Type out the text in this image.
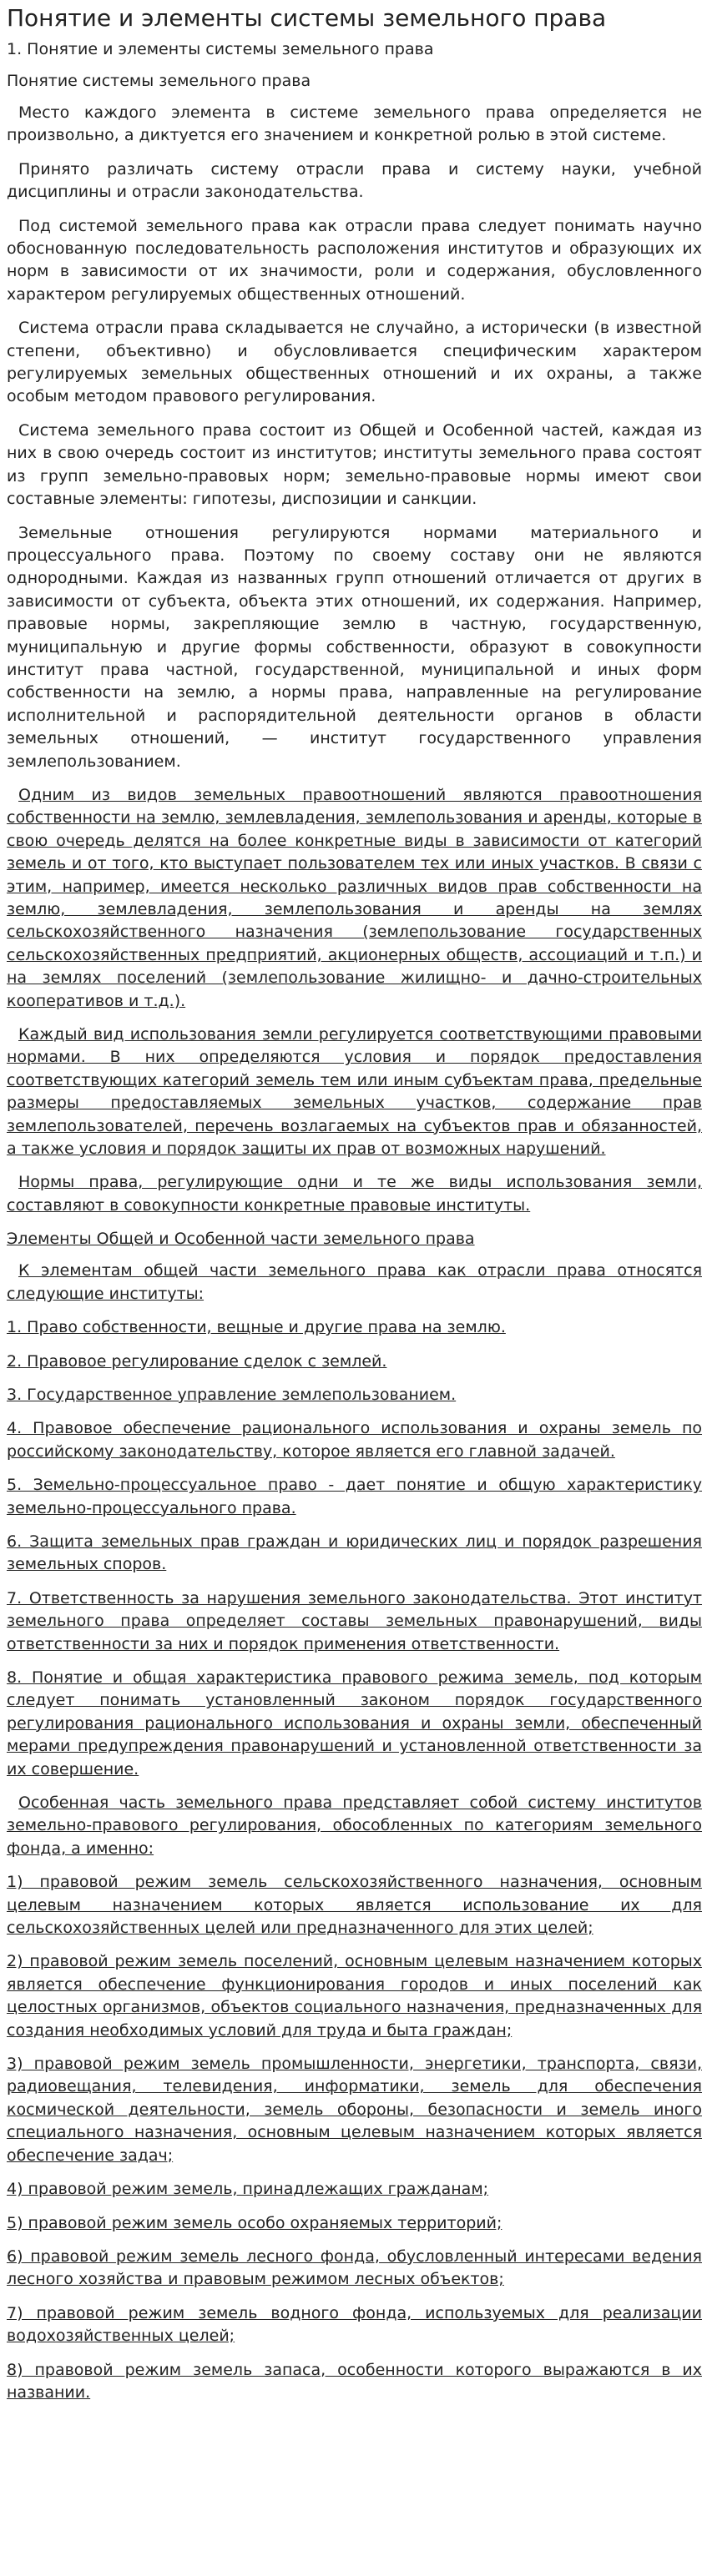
Понятие и элементы системы земельного права
1. Понятие и элементы системы земельного права
Понятие системы земельного права

Место каждого элемента в системе земельного права определяется не произвольно, а диктуется его значением и конкретной ролью в этой системе.

Принято различать систему отрасли права и систему науки, учебной дисциплины и отрасли законодательства.

Под системой земельного права как отрасли права следует понимать научно обоснованную последовательность расположения институтов и образующих их норм в зависимости от их значимости, роли и содержания, обусловленного характером регулируемых общественных отношений.

Система отрасли права складывается не случайно, а исторически (в известной степени, объективно) и обусловливается специфическим характером регулируемых земельных общественных отношений и их охраны, а также особым методом правового регулирования.

Система земельного права состоит из Общей и Особенной частей, каждая из них в свою очередь состоит из институтов; институты земельного права состоят из групп земельно-правовых норм; земельно-правовые нормы имеют свои составные элементы: гипотезы, диспозиции и санкции.

Земельные отношения регулируются нормами материального и процессуального права. Поэтому по своему составу они не являются однородными. Каждая из названных групп отношений отличается от других в зависимости от субъекта, объекта этих отношений, их содержания. Например, правовые нормы, закрепляющие землю в частную, государственную, муниципальную и другие формы собственности, образуют в совокупности институт права частной, государственной, муниципальной и иных форм собственности на землю, а нормы права, направленные на регулирование исполнительной и распорядительной деятельности органов в области земельных отношений, — институт государственного управления землепользованием.

Одним из видов земельных правоотношений являются правоотношения собственности на землю, землевладения, землепользования и аренды, которые в свою очередь делятся на более конкретные виды в зависимости от категорий земель и от того, кто выступает пользователем тех или иных участков. В связи с этим, например, имеется несколько различных видов прав собственности на землю, землевладения, землепользования и аренды на землях сельскохозяйственного назначения (землепользование государственных сельскохозяйственных предприятий, акционерных обществ, ассоциаций и т.п.) и на землях поселений (землепользование жилищно- и дачно-строительных кооперативов и т.д.).

Каждый вид использования земли регулируется соответствующими правовыми нормами. В них определяются условия и порядок предоставления соответствующих категорий земель тем или иным субъектам права, предельные размеры предоставляемых земельных участков, содержание прав землепользователей, перечень возлагаемых на субъектов прав и обязанностей, а также условия и порядок защиты их прав от возможных нарушений.

Нормы права, регулирующие одни и те же виды использования земли, составляют в совокупности конкретные правовые институты.

Элементы Общей и Особенной части земельного права

К элементам общей части земельного права как отрасли правa относятся следующие институты:

1. Право собственности, вещные и другие права на землю.

2. Правовое регулирование сделок с землей.

3. Государственное управление землепользованием.

4. Правовое обеспечение рационального использования и охраны земель по российскому законодательству, которое является его главной задачей.

5. Земельно-процессуальное право - дает понятие и общую характеристику земельно-процессуального права.

6. Защита земельных прав граждан и юридических лиц и порядок разрешения земельных споров.

7. Ответственность за нарушения земельного законодательства. Этот институт земельного права определяет составы земельных правонарушений, виды ответственности за них и порядок применения ответственности.

8. Понятие и общая характеристика правового режима земель, под которым следует понимать установленный законом порядок государственного регулирования рационального использования и охраны земли, обеспеченный мерами предупреждения правонарушений и установленной ответственности за их совершение.

Особенная часть земельного права представляет собой систему институтов земельно-правового регулирования, обособленных по категориям земельного фонда, а именно:

1) правовой режим земель сельскохозяйственного назначения, основным целевым назначением которых является использование их для сельскохозяйственных целей или предназначенного для этих целей;

2) правовой режим земель поселений, основным целевым назначением которых является обеспечение функционирования городов и иных поселений как целостных организмов, объектов социального назначения, предназначенных для создания необходимых условий для труда и быта граждан;

3) правовой режим земель промышленности, энергетики, транспорта, связи, радиовещания, телевидения, информатики, земель для обеспечения космической деятельности, земель обороны, безопасности и земель иного специального назначения, основным целевым назначением которых является обеспечение задач;

4) правовой режим земель, принадлежащих гражданам;

5) правовой режим земель особо охраняемых территорий;

6) правовой режим земель лесного фонда, обусловленный интересами ведения лесного хозяйства и правовым режимом лесных объектов;

7) правовой режим земель водного фонда, используемых для реализации водохозяйственных целей;

8) правовой режим земель запаса, особенности которого выражаются в их названии.
